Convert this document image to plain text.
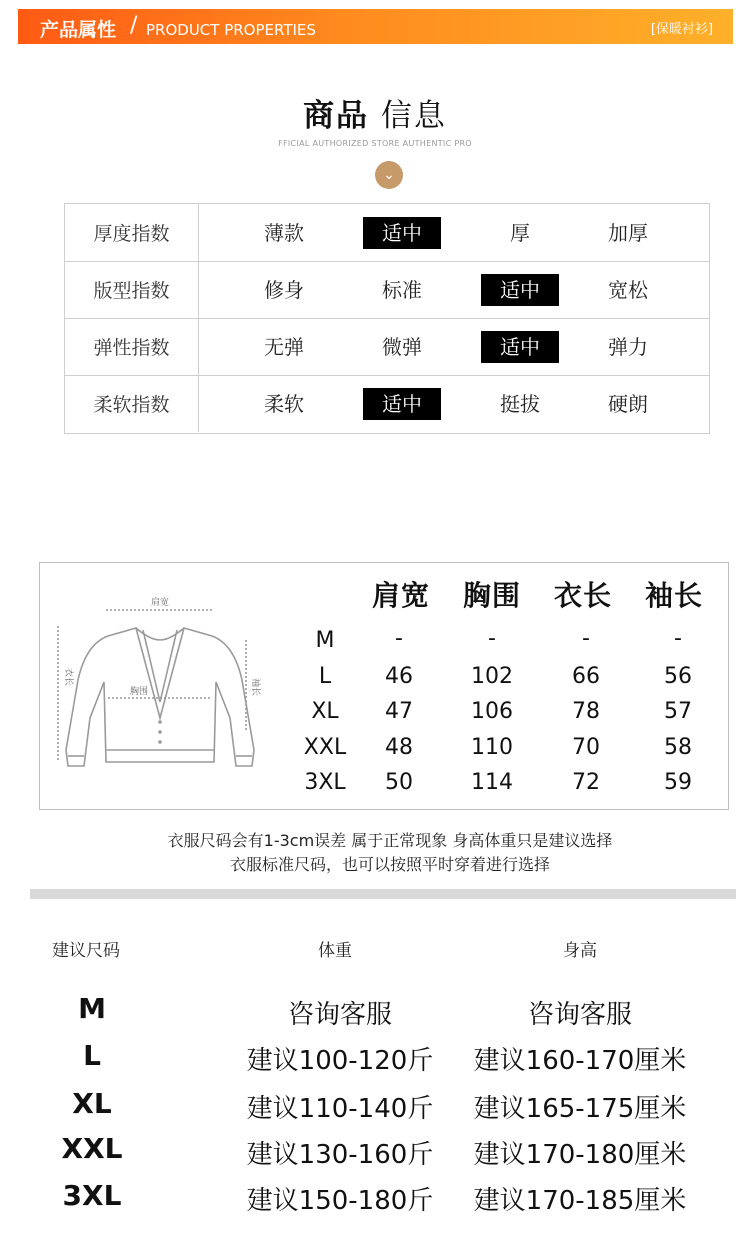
产品属性 / PRODUCT PROPERTIES	[保暖衬衫]
商品 信息
FFICIAL AUTHORIZED STORE AUTHENTIC PRO
⌄
厚度指数	薄款	适中	厚	加厚
版型指数	修身	标准	适中	宽松
弹性指数	无弹	微弹	适中	弹力
柔软指数	柔软	适中	挺拔	硬朗
肩宽
衣长
胸围	袖长
肩宽	胸围	衣长	袖长
M	-	-	-	-
L	46	102	66	56
XL	47	106	78	57
XXL	48	110	70	58
3XL	50	114	72	59
衣服尺码会有1-3cm误差 属于正常现象 身高体重只是建议选择
衣服标准尺码，也可以按照平时穿着进行选择
建议尺码	体重	身高
M	咨询客服	咨询客服
L	建议100-120斤	建议160-170厘米
XL	建议110-140斤	建议165-175厘米
XXL	建议130-160斤	建议170-180厘米
3XL	建议150-180斤	建议170-185厘米
